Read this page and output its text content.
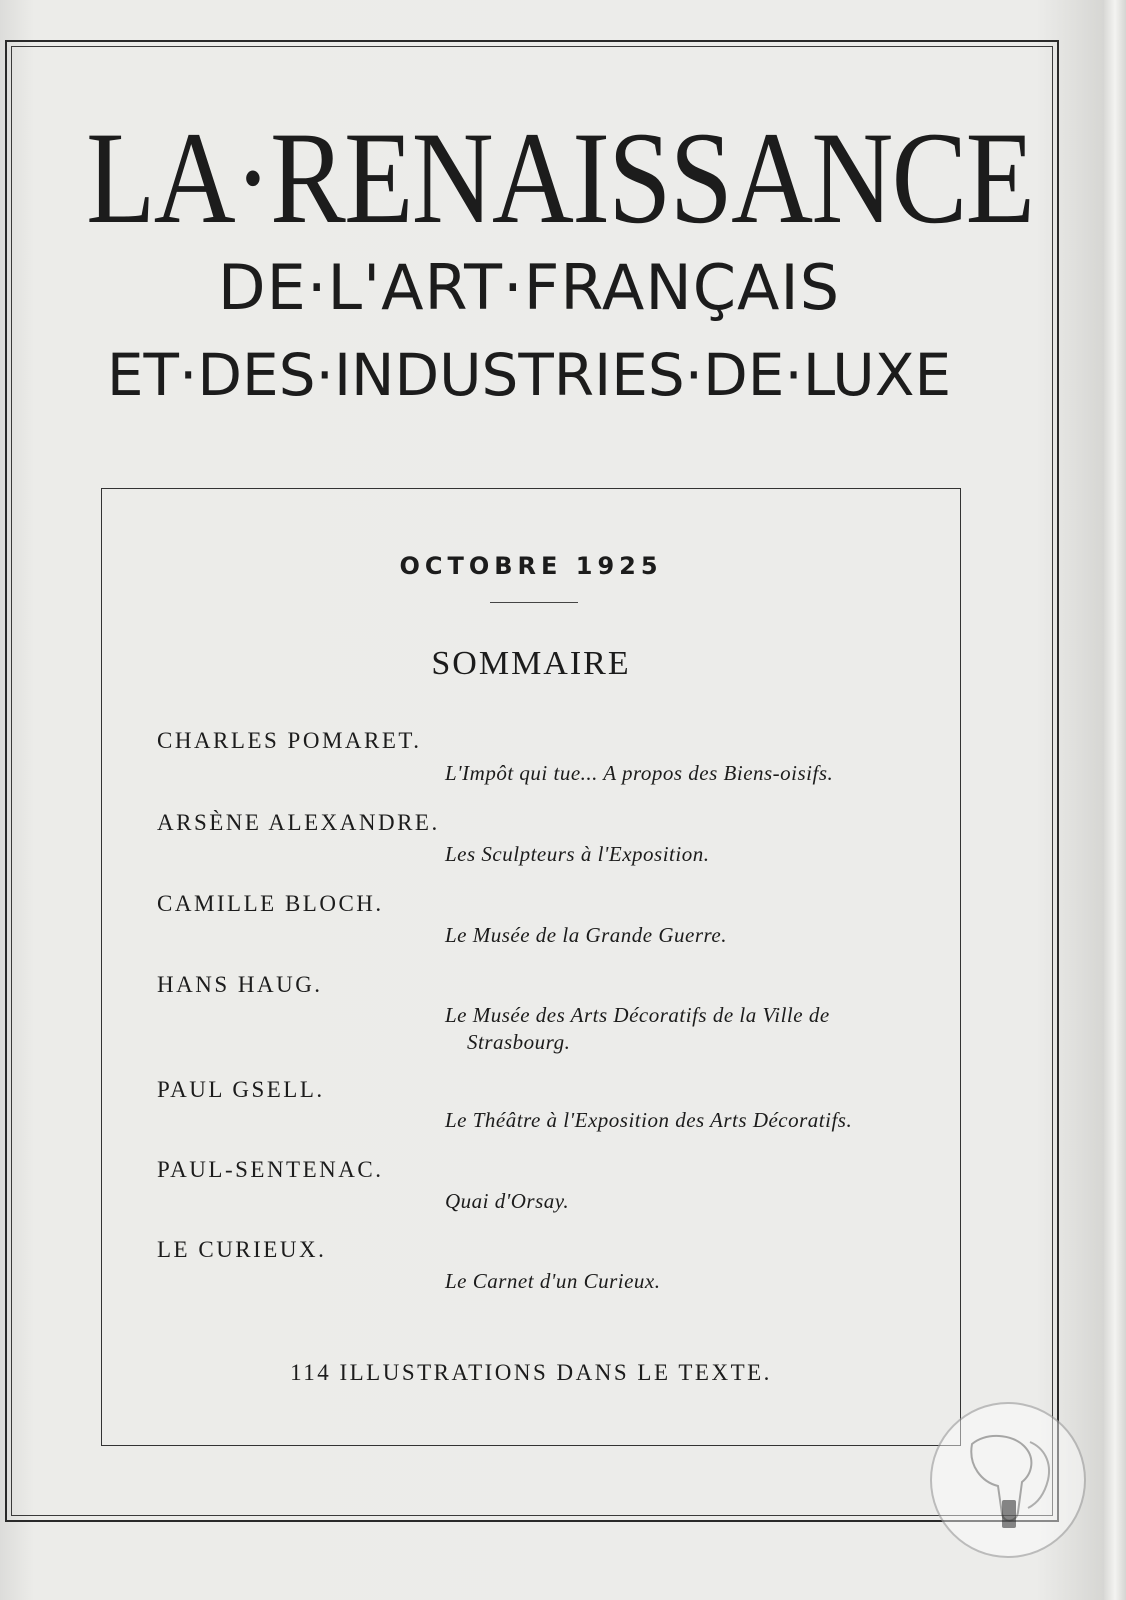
LA·RENAISSANCE
DE·L'ART·FRANÇAIS
ET·DES·INDUSTRIES·DE·LUXE
OCTOBRE 1925
SOMMAIRE
CHARLES POMARET.
L'Impôt qui tue... A propos des Biens-oisifs.
ARSÈNE ALEXANDRE.
Les Sculpteurs à l'Exposition.
CAMILLE BLOCH.
Le Musée de la Grande Guerre.
HANS HAUG.
Le Musée des Arts Décoratifs de la Ville de
Strasbourg.
PAUL GSELL.
Le Théâtre à l'Exposition des Arts Décoratifs.
PAUL-SENTENAC.
Quai d'Orsay.
LE CURIEUX.
Le Carnet d'un Curieux.
114 ILLUSTRATIONS DANS LE TEXTE.
